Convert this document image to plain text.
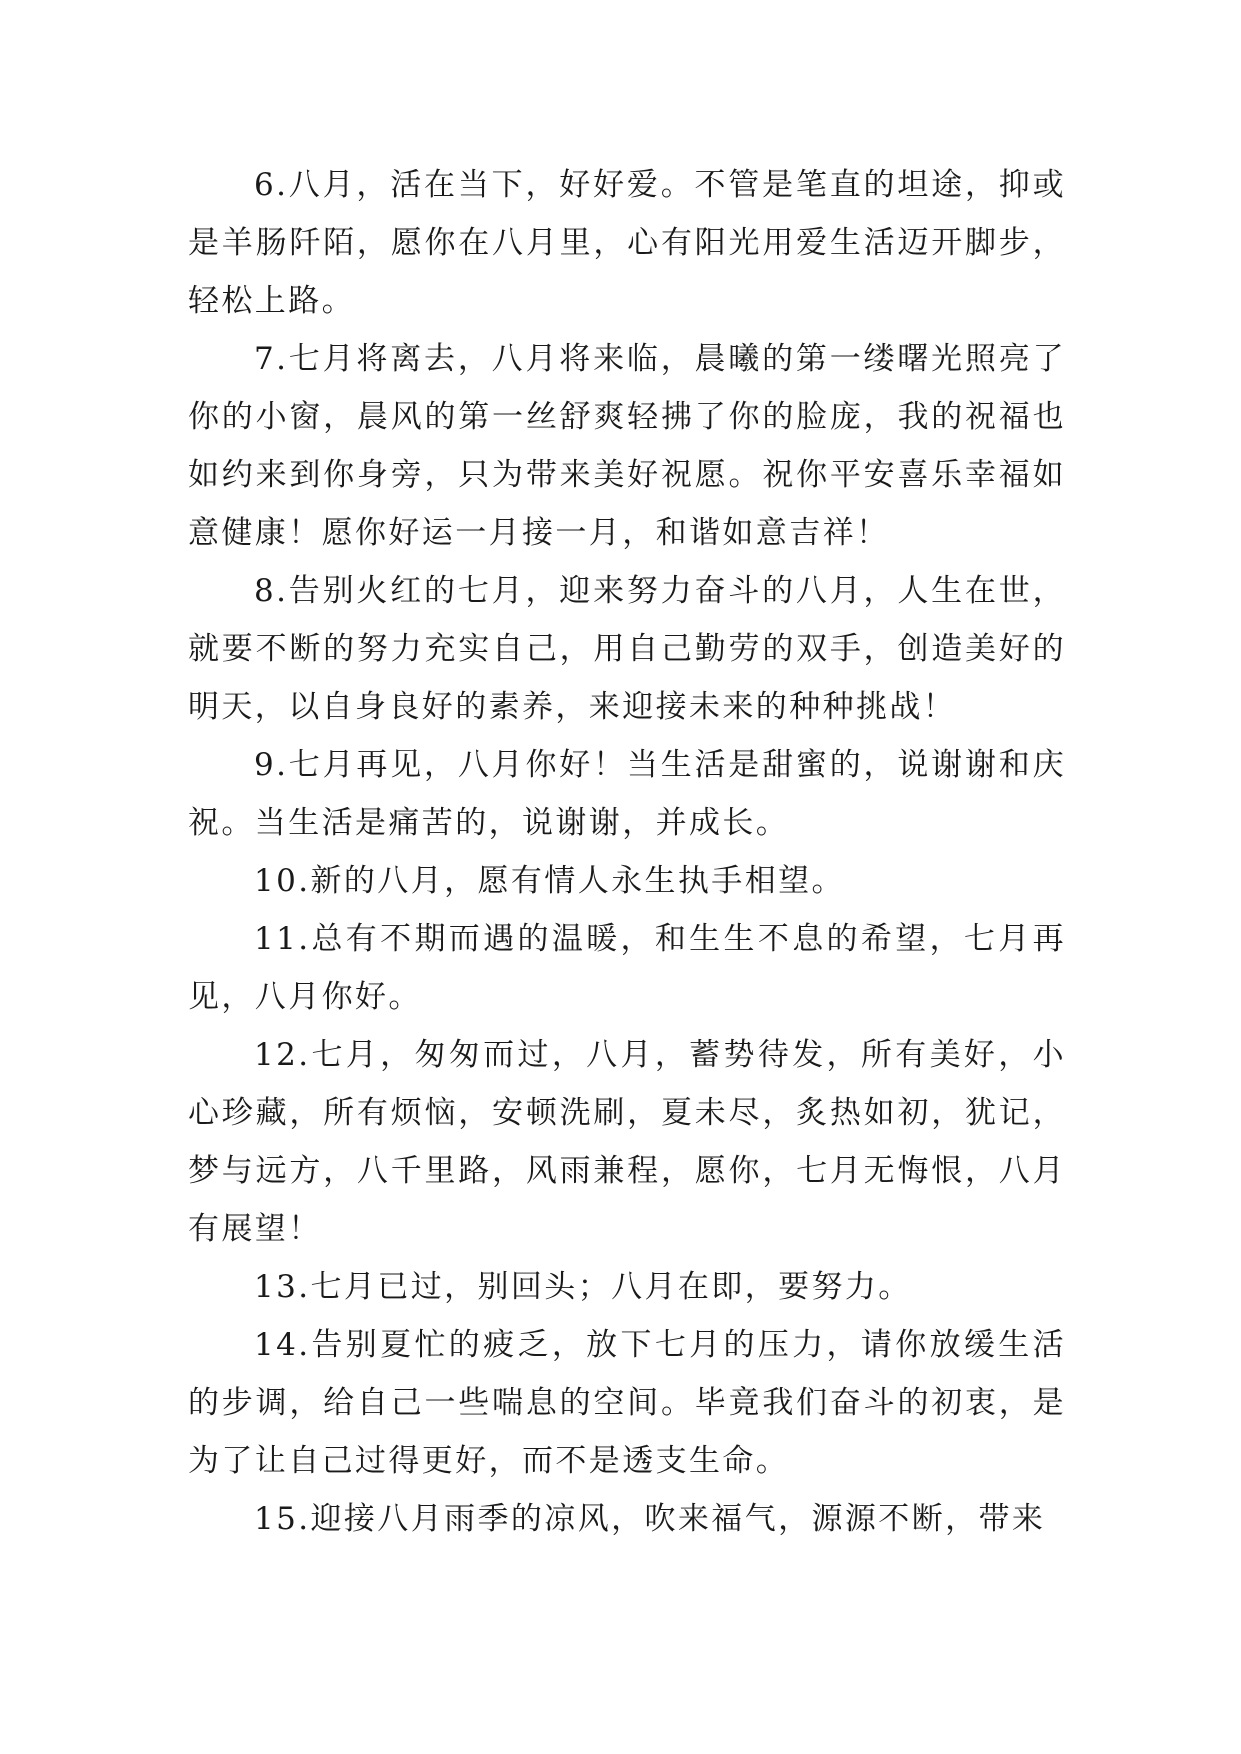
6.八月，活在当下，好好爱。不管是笔直的坦途，抑或是羊肠阡陌，愿你在八月里，心有阳光用爱生活迈开脚步，轻松上路。

7.七月将离去，八月将来临，晨曦的第一缕曙光照亮了你的小窗，晨风的第一丝舒爽轻拂了你的脸庞，我的祝福也如约来到你身旁，只为带来美好祝愿。祝你平安喜乐幸福如意健康！愿你好运一月接一月，和谐如意吉祥！

8.告别火红的七月，迎来努力奋斗的八月，人生在世，就要不断的努力充实自己，用自己勤劳的双手，创造美好的明天，以自身良好的素养，来迎接未来的种种挑战！

9.七月再见，八月你好！当生活是甜蜜的，说谢谢和庆祝。当生活是痛苦的，说谢谢，并成长。

10.新的八月，愿有情人永生执手相望。

11.总有不期而遇的温暖，和生生不息的希望，七月再见，八月你好。

12.七月，匆匆而过，八月，蓄势待发，所有美好，小心珍藏，所有烦恼，安顿洗刷，夏未尽，炙热如初，犹记，梦与远方，八千里路，风雨兼程，愿你，七月无悔恨，八月有展望！

13.七月已过，别回头；八月在即，要努力。

14.告别夏忙的疲乏，放下七月的压力，请你放缓生活的步调，给自己一些喘息的空间。毕竟我们奋斗的初衷，是为了让自己过得更好，而不是透支生命。

15.迎接八月雨季的凉风，吹来福气，源源不断，带来
